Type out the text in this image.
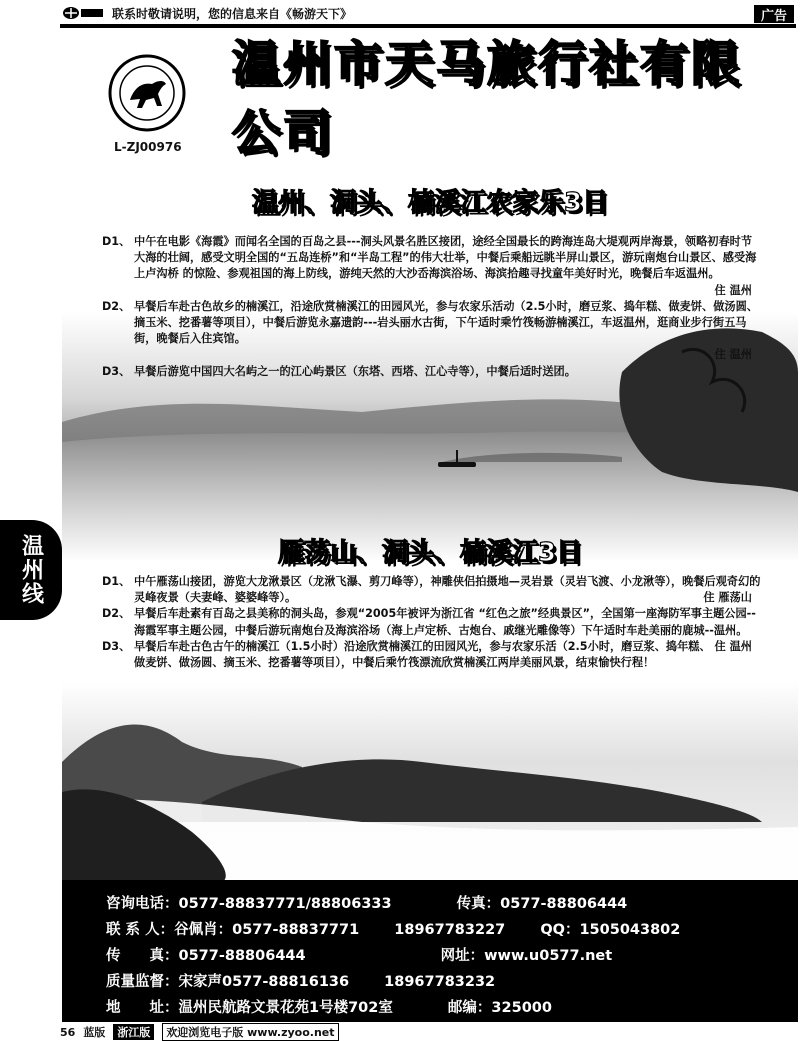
联系时敬请说明，您的信息来自《畅游天下》	广告
L-ZJ00976
温州市天马旅行社有限公司
温州、洞头、楠溪江农家乐3日
D1、 中午在电影《海霞》而闻名全国的百岛之县---洞头风景名胜区接团，途经全国最长的跨海连岛大堤观两岸海景，领略初春时节大海的壮阔，感受文明全国的“五岛连桥”和“半岛工程”的伟大壮举，中餐后乘船远眺半屏山景区，游玩南炮台山景区、感受海上卢沟桥 的惊险、参观祖国的海上防线，游纯天然的大沙岙海滨浴场、海滨拾趣寻找童年美好时光，晚餐后车返温州。
住 温州
D2、 早餐后车赴古色故乡的楠溪江，沿途欣赏楠溪江的田园风光，参与农家乐活动（2.5小时，磨豆浆、捣年糕、做麦饼、做汤圆、摘玉米、挖番薯等项目），中餐后游览永嘉遗韵---岩头丽水古街，下午适时乘竹筏畅游楠溪江，车返温州，逛商业步行街五马街，晚餐后入住宾馆。
住 温州
D3、 早餐后游览中国四大名屿之一的江心屿景区（东塔、西塔、江心寺等），中餐后适时送团。
雁荡山、洞头、楠溪江3日
D1、 中午雁荡山接团，游览大龙湫景区（龙湫飞瀑、剪刀峰等），神雕侠侣拍摄地—灵岩景（灵岩飞渡、小龙湫等），晚餐后观奇幻的灵峰夜景（夫妻峰、婆婆峰等）。	住 雁荡山
D2、 早餐后车赴素有百岛之县美称的洞头岛，参观“2005年被评为浙江省 “红色之旅”经典景区”，全国第一座海防军事主题公园--海霞军事主题公园，中餐后游玩南炮台及海滨浴场（海上卢定桥、古炮台、戚继光雕像等）下午适时车赴美丽的鹿城--温州。
住 温州
D3、 早餐后车赴古色古午的楠溪江（1.5小时）沿途欣赏楠溪江的田园风光，参与农家乐活（2.5小时，磨豆浆、捣年糕、做麦饼、做汤圆、摘玉米、挖番薯等项目），中餐后乘竹筏漂流欣赏楠溪江两岸美丽风景，结束愉快行程！
咨询电话：0577-88837771/88806333	传真：0577-88806444
联 系 人：谷佩肖：0577-88837771 18967783227 QQ：1505043802
传　　真：0577-88806444	网址：www.u0577.net
质量监督：宋家声0577-88816136 18967783232
地　　址：温州民航路文景花苑1号楼702室	邮编：325000
温州线
56 蓝版	浙江版	欢迎浏览电子版 www.zyoo.net
